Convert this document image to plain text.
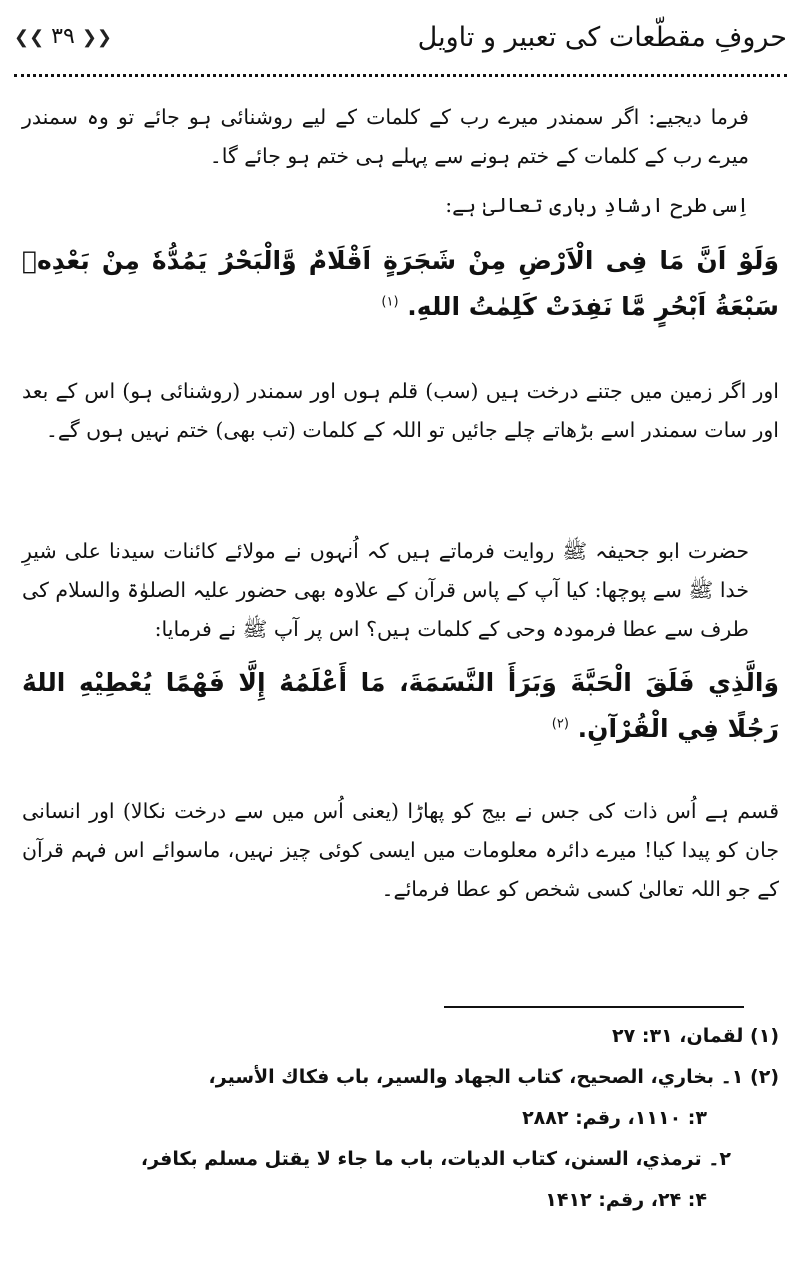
حروفِ مقطّعات کی تعبیر و تاویل
❮❮ ۳۹ ❯❯
فرما دیجیے: اگر سمندر میرے رب کے کلمات کے لیے روشنائی ہو جائے تو وہ سمندر میرے رب کے کلمات کے ختم ہونے سے پہلے ہی ختم ہو جائے گا۔
اِسی طرح ارشادِ رباری تعالیٰ ہے:
وَلَوْ اَنَّ مَا فِی الْاَرْضِ مِنْ شَجَرَةٍ اَقْلَامٌ وَّالْبَحْرُ يَمُدُّهٗ مِنْ بَعْدِهٖ سَبْعَةُ اَبْحُرٍ مَّا نَفِدَتْ كَلِمٰتُ اللهِ. $^{(۱)}$
اور اگر زمین میں جتنے درخت ہیں (سب) قلم ہوں اور سمندر (روشنائی ہو) اس کے بعد اور سات سمندر اسے بڑھاتے چلے جائیں تو اللہ کے کلمات (تب بھی) ختم نہیں ہوں گے۔
حضرت ابو جحیفہ ﷺ روایت فرماتے ہیں کہ اُنہوں نے مولائے کائنات سیدنا علی شیرِ خدا ﷺ سے پوچھا: کیا آپ کے پاس قرآن کے علاوہ بھی حضور علیہ الصلوٰۃ والسلام کی طرف سے عطا فرمودہ وحی کے کلمات ہیں؟ اس پر آپ ﷺ نے فرمایا:
وَالَّذِي فَلَقَ الْحَبَّةَ وَبَرَأَ النَّسَمَةَ، مَا أَعْلَمُهُ إِلَّا فَهْمًا يُعْطِيْهِ اللهُ رَجُلًا فِي الْقُرْآنِ. $^{(۲)}$
قسم ہے اُس ذات کی جس نے بیج کو پھاڑا (یعنی اُس میں سے درخت نکالا) اور انسانی جان کو پیدا کیا! میرے دائرہ معلومات میں ایسی کوئی چیز نہیں، ماسوائے اس فہم قرآن کے جو اللہ تعالیٰ کسی شخص کو عطا فرمائے۔
(۱) لقمان، ۳۱: ۲۷
(۲) ۱۔ بخاري، الصحيح، كتاب الجهاد والسير، باب فكاك الأسير،
۳: ۱۱۱۰، رقم: ۲۸۸۲
۲۔ ترمذي، السنن، كتاب الديات، باب ما جاء لا يقتل مسلم بكافر،
۴: ۲۴، رقم: ۱۴۱۲
